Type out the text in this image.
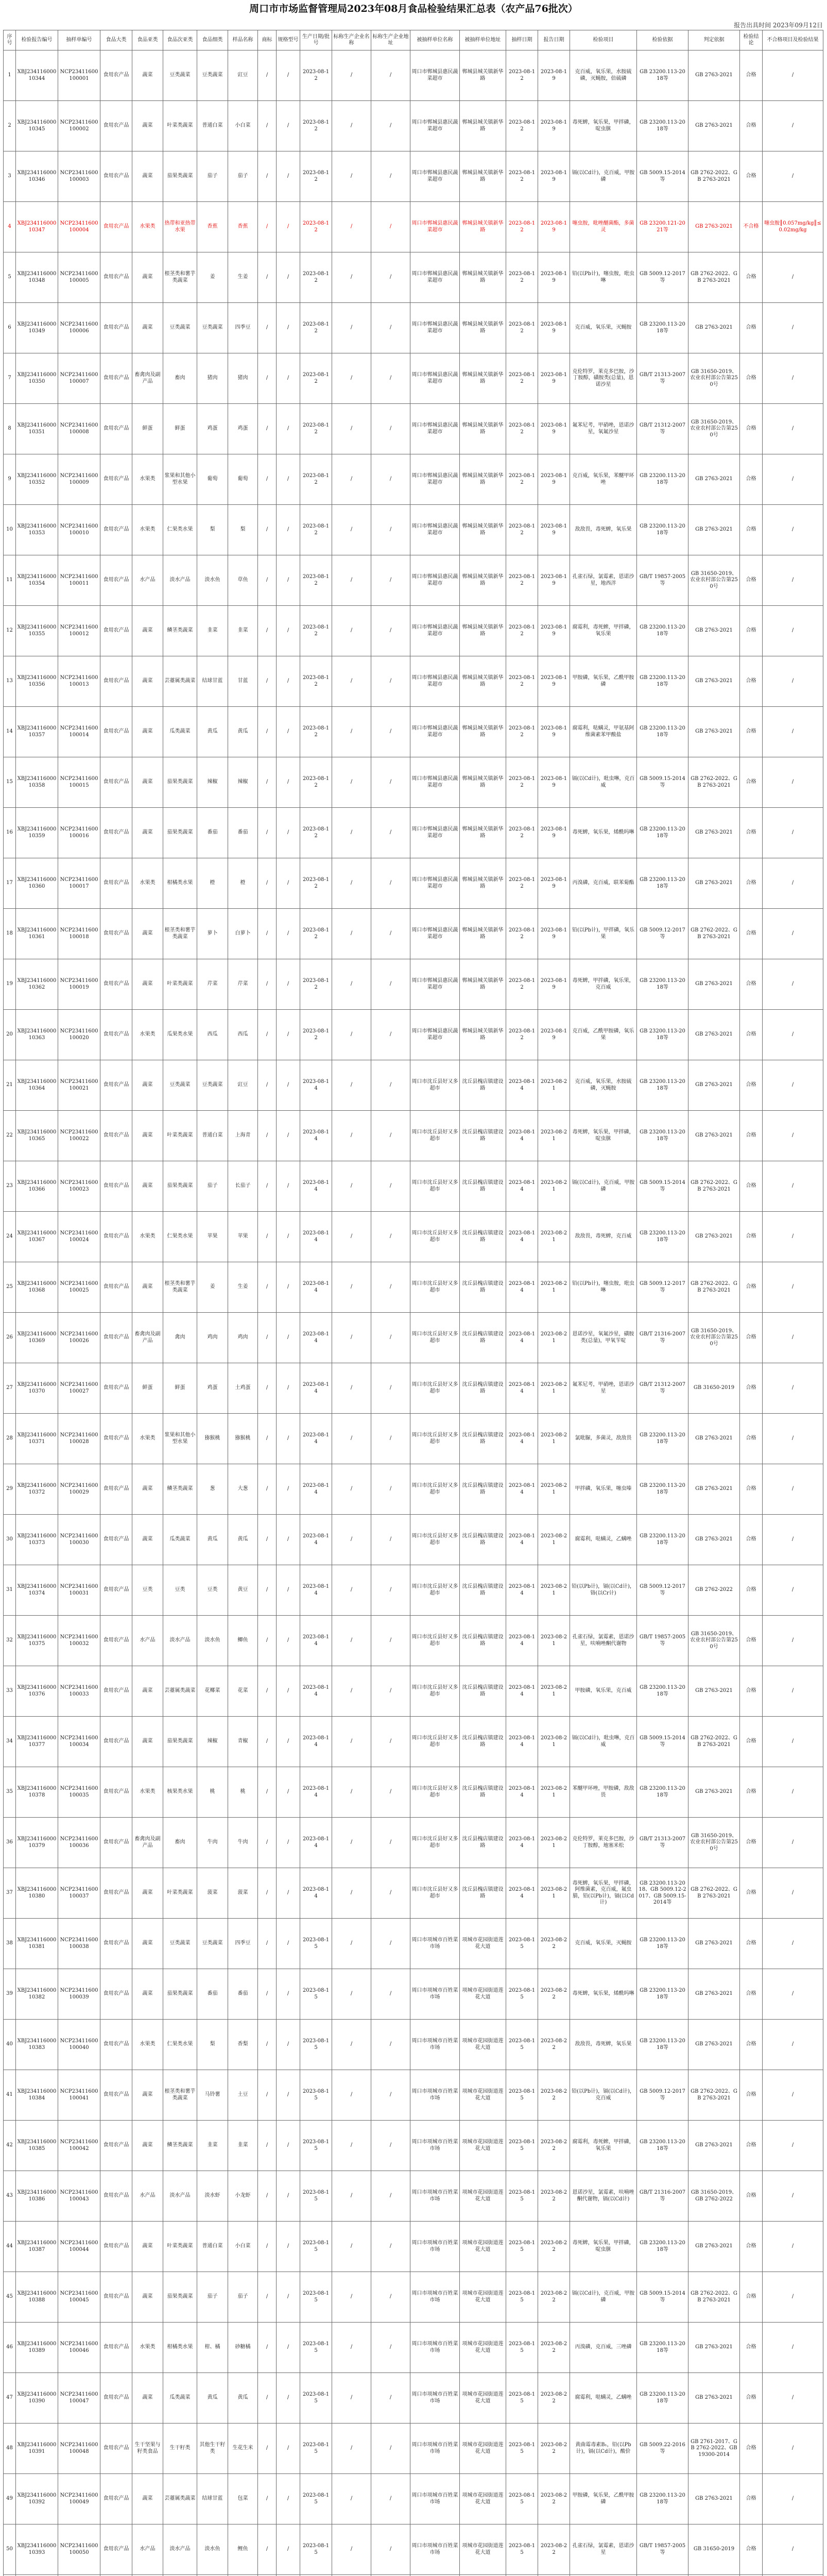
周口市市场监督管理局2023年08月食品检验结果汇总表（农产品76批次）
报告出具时间 2023年09月12日
序号	检验报告编号	抽样单编号	食品大类	食品亚类	食品次亚类	食品细类	样品名称	商标	规格型号	生产日期/批号	标称生产企业名称	标称生产企业地址	被抽样单位名称	被抽样单位地址	抽样日期	报告日期	检验项目	检验依据	判定依据	检验结论	不合格项目及检验结果
1	XBJ23411600010344	NCP23411600100001	食用农产品	蔬菜	豆类蔬菜	豆类蔬菜	豇豆	/	/	2023-08-12	/	/	周口市郸城县惠民蔬菜超市	郸城县城关镇新华路	2023-08-12	2023-08-19	克百威，氧乐果，水胺硫磷，灭蝇胺，倍硫磷	GB 23200.113-2018等	GB 2763-2021	合格	/
2	XBJ23411600010345	NCP23411600100002	食用农产品	蔬菜	叶菜类蔬菜	普通白菜	小白菜	/	/	2023-08-12	/	/	周口市郸城县惠民蔬菜超市	郸城县城关镇新华路	2023-08-12	2023-08-19	毒死蜱，氧乐果，甲拌磷，啶虫脒	GB 23200.113-2018等	GB 2763-2021	合格	/
3	XBJ23411600010346	NCP23411600100003	食用农产品	蔬菜	茄果类蔬菜	茄子	茄子	/	/	2023-08-12	/	/	周口市郸城县惠民蔬菜超市	郸城县城关镇新华路	2023-08-12	2023-08-19	镉(以Cd计)，克百威，甲胺磷	GB 5009.15-2014等	GB 2762-2022、GB 2763-2021	合格	/
4	XBJ23411600010347	NCP23411600100004	食用农产品	水果类	热带和亚热带水果	香蕉	香蕉	/	/	2023-08-12	/	/	周口市郸城县惠民蔬菜超市	郸城县城关镇新华路	2023-08-12	2023-08-19	噻虫胺，吡唑醚菌酯，多菌灵	GB 23200.121-2021等	GB 2763-2021	不合格	噻虫胺║0.057mg/kg║≤0.02mg/kg
5	XBJ23411600010348	NCP23411600100005	食用农产品	蔬菜	根茎类和薯芋类蔬菜	姜	生姜	/	/	2023-08-12	/	/	周口市郸城县惠民蔬菜超市	郸城县城关镇新华路	2023-08-12	2023-08-19	铅(以Pb计)，噻虫胺，吡虫啉	GB 5009.12-2017等	GB 2762-2022、GB 2763-2021	合格	/
6	XBJ23411600010349	NCP23411600100006	食用农产品	蔬菜	豆类蔬菜	豆类蔬菜	四季豆	/	/	2023-08-12	/	/	周口市郸城县惠民蔬菜超市	郸城县城关镇新华路	2023-08-12	2023-08-19	克百威，氧乐果，灭蝇胺	GB 23200.113-2018等	GB 2763-2021	合格	/
7	XBJ23411600010350	NCP23411600100007	食用农产品	畜禽肉及副产品	畜肉	猪肉	猪肉	/	/	2023-08-12	/	/	周口市郸城县惠民蔬菜超市	郸城县城关镇新华路	2023-08-12	2023-08-19	克伦特罗，莱克多巴胺，沙丁胺醇，磺胺类(总量)，恩诺沙星	GB/T 21313-2007等	GB 31650-2019、农业农村部公告第250号	合格	/
8	XBJ23411600010351	NCP23411600100008	食用农产品	鲜蛋	鲜蛋	鸡蛋	鸡蛋	/	/	2023-08-12	/	/	周口市郸城县惠民蔬菜超市	郸城县城关镇新华路	2023-08-12	2023-08-19	氟苯尼考，甲硝唑，恩诺沙星，氧氟沙星	GB/T 21312-2007等	GB 31650-2019、农业农村部公告第250号	合格	/
9	XBJ23411600010352	NCP23411600100009	食用农产品	水果类	浆果和其他小型水果	葡萄	葡萄	/	/	2023-08-12	/	/	周口市郸城县惠民蔬菜超市	郸城县城关镇新华路	2023-08-12	2023-08-19	克百威，氧乐果，苯醚甲环唑	GB 23200.113-2018等	GB 2763-2021	合格	/
10	XBJ23411600010353	NCP23411600100010	食用农产品	水果类	仁果类水果	梨	梨	/	/	2023-08-12	/	/	周口市郸城县惠民蔬菜超市	郸城县城关镇新华路	2023-08-12	2023-08-19	敌敌畏，毒死蜱，氧乐果	GB 23200.113-2018等	GB 2763-2021	合格	/
11	XBJ23411600010354	NCP23411600100011	食用农产品	水产品	淡水产品	淡水鱼	草鱼	/	/	2023-08-12	/	/	周口市郸城县惠民蔬菜超市	郸城县城关镇新华路	2023-08-12	2023-08-19	孔雀石绿，氯霉素，恩诺沙星，地西泮	GB/T 19857-2005等	GB 31650-2019、农业农村部公告第250号	合格	/
12	XBJ23411600010355	NCP23411600100012	食用农产品	蔬菜	鳞茎类蔬菜	韭菜	韭菜	/	/	2023-08-12	/	/	周口市郸城县惠民蔬菜超市	郸城县城关镇新华路	2023-08-12	2023-08-19	腐霉利，毒死蜱，甲拌磷，氧乐果	GB 23200.113-2018等	GB 2763-2021	合格	/
13	XBJ23411600010356	NCP23411600100013	食用农产品	蔬菜	芸薹属类蔬菜	结球甘蓝	甘蓝	/	/	2023-08-12	/	/	周口市郸城县惠民蔬菜超市	郸城县城关镇新华路	2023-08-12	2023-08-19	甲胺磷，氧乐果，乙酰甲胺磷	GB 23200.113-2018等	GB 2763-2021	合格	/
14	XBJ23411600010357	NCP23411600100014	食用农产品	蔬菜	瓜类蔬菜	黄瓜	黄瓜	/	/	2023-08-12	/	/	周口市郸城县惠民蔬菜超市	郸城县城关镇新华路	2023-08-12	2023-08-19	腐霉利，哒螨灵，甲氨基阿维菌素苯甲酸盐	GB 23200.113-2018等	GB 2763-2021	合格	/
15	XBJ23411600010358	NCP23411600100015	食用农产品	蔬菜	茄果类蔬菜	辣椒	辣椒	/	/	2023-08-12	/	/	周口市郸城县惠民蔬菜超市	郸城县城关镇新华路	2023-08-12	2023-08-19	镉(以Cd计)，吡虫啉，克百威	GB 5009.15-2014等	GB 2762-2022、GB 2763-2021	合格	/
16	XBJ23411600010359	NCP23411600100016	食用农产品	蔬菜	茄果类蔬菜	番茄	番茄	/	/	2023-08-12	/	/	周口市郸城县惠民蔬菜超市	郸城县城关镇新华路	2023-08-12	2023-08-19	毒死蜱，氧乐果，烯酰吗啉	GB 23200.113-2018等	GB 2763-2021	合格	/
17	XBJ23411600010360	NCP23411600100017	食用农产品	水果类	柑橘类水果	橙	橙	/	/	2023-08-12	/	/	周口市郸城县惠民蔬菜超市	郸城县城关镇新华路	2023-08-12	2023-08-19	丙溴磷，克百威，联苯菊酯	GB 23200.113-2018等	GB 2763-2021	合格	/
18	XBJ23411600010361	NCP23411600100018	食用农产品	蔬菜	根茎类和薯芋类蔬菜	萝卜	白萝卜	/	/	2023-08-12	/	/	周口市郸城县惠民蔬菜超市	郸城县城关镇新华路	2023-08-12	2023-08-19	铅(以Pb计)，甲拌磷，氧乐果	GB 5009.12-2017等	GB 2762-2022、GB 2763-2021	合格	/
19	XBJ23411600010362	NCP23411600100019	食用农产品	蔬菜	叶菜类蔬菜	芹菜	芹菜	/	/	2023-08-12	/	/	周口市郸城县惠民蔬菜超市	郸城县城关镇新华路	2023-08-12	2023-08-19	毒死蜱，甲拌磷，氧乐果，克百威	GB 23200.113-2018等	GB 2763-2021	合格	/
20	XBJ23411600010363	NCP23411600100020	食用农产品	水果类	瓜果类水果	西瓜	西瓜	/	/	2023-08-12	/	/	周口市郸城县惠民蔬菜超市	郸城县城关镇新华路	2023-08-12	2023-08-19	克百威，乙酰甲胺磷，氧乐果	GB 23200.113-2018等	GB 2763-2021	合格	/
21	XBJ23411600010364	NCP23411600100021	食用农产品	蔬菜	豆类蔬菜	豆类蔬菜	豇豆	/	/	2023-08-14	/	/	周口市沈丘县好又多超市	沈丘县槐店镇建设路	2023-08-14	2023-08-21	克百威，氧乐果，水胺硫磷，灭蝇胺	GB 23200.113-2018等	GB 2763-2021	合格	/
22	XBJ23411600010365	NCP23411600100022	食用农产品	蔬菜	叶菜类蔬菜	普通白菜	上海青	/	/	2023-08-14	/	/	周口市沈丘县好又多超市	沈丘县槐店镇建设路	2023-08-14	2023-08-21	毒死蜱，氧乐果，甲拌磷，啶虫脒	GB 23200.113-2018等	GB 2763-2021	合格	/
23	XBJ23411600010366	NCP23411600100023	食用农产品	蔬菜	茄果类蔬菜	茄子	长茄子	/	/	2023-08-14	/	/	周口市沈丘县好又多超市	沈丘县槐店镇建设路	2023-08-14	2023-08-21	镉(以Cd计)，克百威，甲胺磷	GB 5009.15-2014等	GB 2762-2022、GB 2763-2021	合格	/
24	XBJ23411600010367	NCP23411600100024	食用农产品	水果类	仁果类水果	苹果	苹果	/	/	2023-08-14	/	/	周口市沈丘县好又多超市	沈丘县槐店镇建设路	2023-08-14	2023-08-21	敌敌畏，毒死蜱，克百威	GB 23200.113-2018等	GB 2763-2021	合格	/
25	XBJ23411600010368	NCP23411600100025	食用农产品	蔬菜	根茎类和薯芋类蔬菜	姜	生姜	/	/	2023-08-14	/	/	周口市沈丘县好又多超市	沈丘县槐店镇建设路	2023-08-14	2023-08-21	铅(以Pb计)，噻虫胺，吡虫啉	GB 5009.12-2017等	GB 2762-2022、GB 2763-2021	合格	/
26	XBJ23411600010369	NCP23411600100026	食用农产品	畜禽肉及副产品	禽肉	鸡肉	鸡肉	/	/	2023-08-14	/	/	周口市沈丘县好又多超市	沈丘县槐店镇建设路	2023-08-14	2023-08-21	恩诺沙星，氧氟沙星，磺胺类(总量)，甲氧苄啶	GB/T 21316-2007等	GB 31650-2019、农业农村部公告第250号	合格	/
27	XBJ23411600010370	NCP23411600100027	食用农产品	鲜蛋	鲜蛋	鸡蛋	土鸡蛋	/	/	2023-08-14	/	/	周口市沈丘县好又多超市	沈丘县槐店镇建设路	2023-08-14	2023-08-21	氟苯尼考，甲硝唑，恩诺沙星	GB/T 21312-2007等	GB 31650-2019	合格	/
28	XBJ23411600010371	NCP23411600100028	食用农产品	水果类	浆果和其他小型水果	猕猴桃	猕猴桃	/	/	2023-08-14	/	/	周口市沈丘县好又多超市	沈丘县槐店镇建设路	2023-08-14	2023-08-21	氯吡脲，多菌灵，敌敌畏	GB 23200.113-2018等	GB 2763-2021	合格	/
29	XBJ23411600010372	NCP23411600100029	食用农产品	蔬菜	鳞茎类蔬菜	葱	大葱	/	/	2023-08-14	/	/	周口市沈丘县好又多超市	沈丘县槐店镇建设路	2023-08-14	2023-08-21	甲拌磷，氧乐果，噻虫嗪	GB 23200.113-2018等	GB 2763-2021	合格	/
30	XBJ23411600010373	NCP23411600100030	食用农产品	蔬菜	瓜类蔬菜	黄瓜	黄瓜	/	/	2023-08-14	/	/	周口市沈丘县好又多超市	沈丘县槐店镇建设路	2023-08-14	2023-08-21	腐霉利，哒螨灵，乙螨唑	GB 23200.113-2018等	GB 2763-2021	合格	/
31	XBJ23411600010374	NCP23411600100031	食用农产品	豆类	豆类	豆类	黄豆	/	/	2023-08-14	/	/	周口市沈丘县好又多超市	沈丘县槐店镇建设路	2023-08-14	2023-08-21	铅(以Pb计)，镉(以Cd计)，铬(以Cr计)	GB 5009.12-2017等	GB 2762-2022	合格	/
32	XBJ23411600010375	NCP23411600100032	食用农产品	水产品	淡水产品	淡水鱼	鲫鱼	/	/	2023-08-14	/	/	周口市沈丘县好又多超市	沈丘县槐店镇建设路	2023-08-14	2023-08-21	孔雀石绿，氯霉素，恩诺沙星，呋喃唑酮代谢物	GB/T 19857-2005等	GB 31650-2019、农业农村部公告第250号	合格	/
33	XBJ23411600010376	NCP23411600100033	食用农产品	蔬菜	芸薹属类蔬菜	花椰菜	花菜	/	/	2023-08-14	/	/	周口市沈丘县好又多超市	沈丘县槐店镇建设路	2023-08-14	2023-08-21	甲胺磷，氧乐果，克百威	GB 23200.113-2018等	GB 2763-2021	合格	/
34	XBJ23411600010377	NCP23411600100034	食用农产品	蔬菜	茄果类蔬菜	辣椒	青椒	/	/	2023-08-14	/	/	周口市沈丘县好又多超市	沈丘县槐店镇建设路	2023-08-14	2023-08-21	镉(以Cd计)，吡虫啉，克百威	GB 5009.15-2014等	GB 2762-2022、GB 2763-2021	合格	/
35	XBJ23411600010378	NCP23411600100035	食用农产品	水果类	核果类水果	桃	桃	/	/	2023-08-14	/	/	周口市沈丘县好又多超市	沈丘县槐店镇建设路	2023-08-14	2023-08-21	苯醚甲环唑，甲胺磷，敌敌畏	GB 23200.113-2018等	GB 2763-2021	合格	/
36	XBJ23411600010379	NCP23411600100036	食用农产品	畜禽肉及副产品	畜肉	牛肉	牛肉	/	/	2023-08-14	/	/	周口市沈丘县好又多超市	沈丘县槐店镇建设路	2023-08-14	2023-08-21	克伦特罗，莱克多巴胺，沙丁胺醇，地塞米松	GB/T 21313-2007等	GB 31650-2019、农业农村部公告第250号	合格	/
37	XBJ23411600010380	NCP23411600100037	食用农产品	蔬菜	叶菜类蔬菜	菠菜	菠菜	/	/	2023-08-14	/	/	周口市沈丘县好又多超市	沈丘县槐店镇建设路	2023-08-14	2023-08-21	毒死蜱，氧乐果，甲拌磷，阿维菌素，克百威，氟虫腈，铅(以Pb计)，镉(以Cd计)	GB 23200.113-2018、GB 5009.12-2017、GB 5009.15-2014等	GB 2762-2022、GB 2763-2021	合格	/
38	XBJ23411600010381	NCP23411600100038	食用农产品	蔬菜	豆类蔬菜	豆类蔬菜	四季豆	/	/	2023-08-15	/	/	周口市项城市百姓菜市场	项城市花园街道莲花大道	2023-08-15	2023-08-22	克百威，氧乐果，灭蝇胺	GB 23200.113-2018等	GB 2763-2021	合格	/
39	XBJ23411600010382	NCP23411600100039	食用农产品	蔬菜	茄果类蔬菜	番茄	番茄	/	/	2023-08-15	/	/	周口市项城市百姓菜市场	项城市花园街道莲花大道	2023-08-15	2023-08-22	毒死蜱，氧乐果，烯酰吗啉	GB 23200.113-2018等	GB 2763-2021	合格	/
40	XBJ23411600010383	NCP23411600100040	食用农产品	水果类	仁果类水果	梨	香梨	/	/	2023-08-15	/	/	周口市项城市百姓菜市场	项城市花园街道莲花大道	2023-08-15	2023-08-22	敌敌畏，毒死蜱，氧乐果	GB 23200.113-2018等	GB 2763-2021	合格	/
41	XBJ23411600010384	NCP23411600100041	食用农产品	蔬菜	根茎类和薯芋类蔬菜	马铃薯	土豆	/	/	2023-08-15	/	/	周口市项城市百姓菜市场	项城市花园街道莲花大道	2023-08-15	2023-08-22	铅(以Pb计)，镉(以Cd计)，克百威	GB 5009.12-2017等	GB 2762-2022、GB 2763-2021	合格	/
42	XBJ23411600010385	NCP23411600100042	食用农产品	蔬菜	鳞茎类蔬菜	韭菜	韭菜	/	/	2023-08-15	/	/	周口市项城市百姓菜市场	项城市花园街道莲花大道	2023-08-15	2023-08-22	腐霉利，毒死蜱，甲拌磷，氧乐果	GB 23200.113-2018等	GB 2763-2021	合格	/
43	XBJ23411600010386	NCP23411600100043	食用农产品	水产品	淡水产品	淡水虾	小龙虾	/	/	2023-08-15	/	/	周口市项城市百姓菜市场	项城市花园街道莲花大道	2023-08-15	2023-08-22	恩诺沙星，氯霉素，呋喃唑酮代谢物，镉(以Cd计)	GB/T 21316-2007等	GB 31650-2019、GB 2762-2022	合格	/
44	XBJ23411600010387	NCP23411600100044	食用农产品	蔬菜	叶菜类蔬菜	普通白菜	小白菜	/	/	2023-08-15	/	/	周口市项城市百姓菜市场	项城市花园街道莲花大道	2023-08-15	2023-08-22	毒死蜱，氧乐果，甲拌磷，啶虫脒	GB 23200.113-2018等	GB 2763-2021	合格	/
45	XBJ23411600010388	NCP23411600100045	食用农产品	蔬菜	茄果类蔬菜	茄子	茄子	/	/	2023-08-15	/	/	周口市项城市百姓菜市场	项城市花园街道莲花大道	2023-08-15	2023-08-22	镉(以Cd计)，克百威，甲胺磷	GB 5009.15-2014等	GB 2762-2022、GB 2763-2021	合格	/
46	XBJ23411600010389	NCP23411600100046	食用农产品	水果类	柑橘类水果	柑、橘	砂糖橘	/	/	2023-08-15	/	/	周口市项城市百姓菜市场	项城市花园街道莲花大道	2023-08-15	2023-08-22	丙溴磷，克百威，三唑磷	GB 23200.113-2018等	GB 2763-2021	合格	/
47	XBJ23411600010390	NCP23411600100047	食用农产品	蔬菜	瓜类蔬菜	黄瓜	黄瓜	/	/	2023-08-15	/	/	周口市项城市百姓菜市场	项城市花园街道莲花大道	2023-08-15	2023-08-22	腐霉利，哒螨灵，乙螨唑	GB 23200.113-2018等	GB 2763-2021	合格	/
48	XBJ23411600010391	NCP23411600100048	食用农产品	生干坚果与籽类食品	生干籽类	其他生干籽类	生花生米	/	/	2023-08-15	/	/	周口市项城市百姓菜市场	项城市花园街道莲花大道	2023-08-15	2023-08-22	黄曲霉毒素B₁，铅(以Pb计)，镉(以Cd计)，酸价	GB 5009.22-2016等	GB 2761-2017、GB 2762-2022、GB 19300-2014	合格	/
49	XBJ23411600010392	NCP23411600100049	食用农产品	蔬菜	芸薹属类蔬菜	结球甘蓝	包菜	/	/	2023-08-15	/	/	周口市项城市百姓菜市场	项城市花园街道莲花大道	2023-08-15	2023-08-22	甲胺磷，氧乐果，乙酰甲胺磷	GB 23200.113-2018等	GB 2763-2021	合格	/
50	XBJ23411600010393	NCP23411600100050	食用农产品	水产品	淡水产品	淡水鱼	鲤鱼	/	/	2023-08-15	/	/	周口市项城市百姓菜市场	项城市花园街道莲花大道	2023-08-15	2023-08-22	孔雀石绿，氯霉素，恩诺沙星	GB/T 19857-2005等	GB 31650-2019	合格	/
